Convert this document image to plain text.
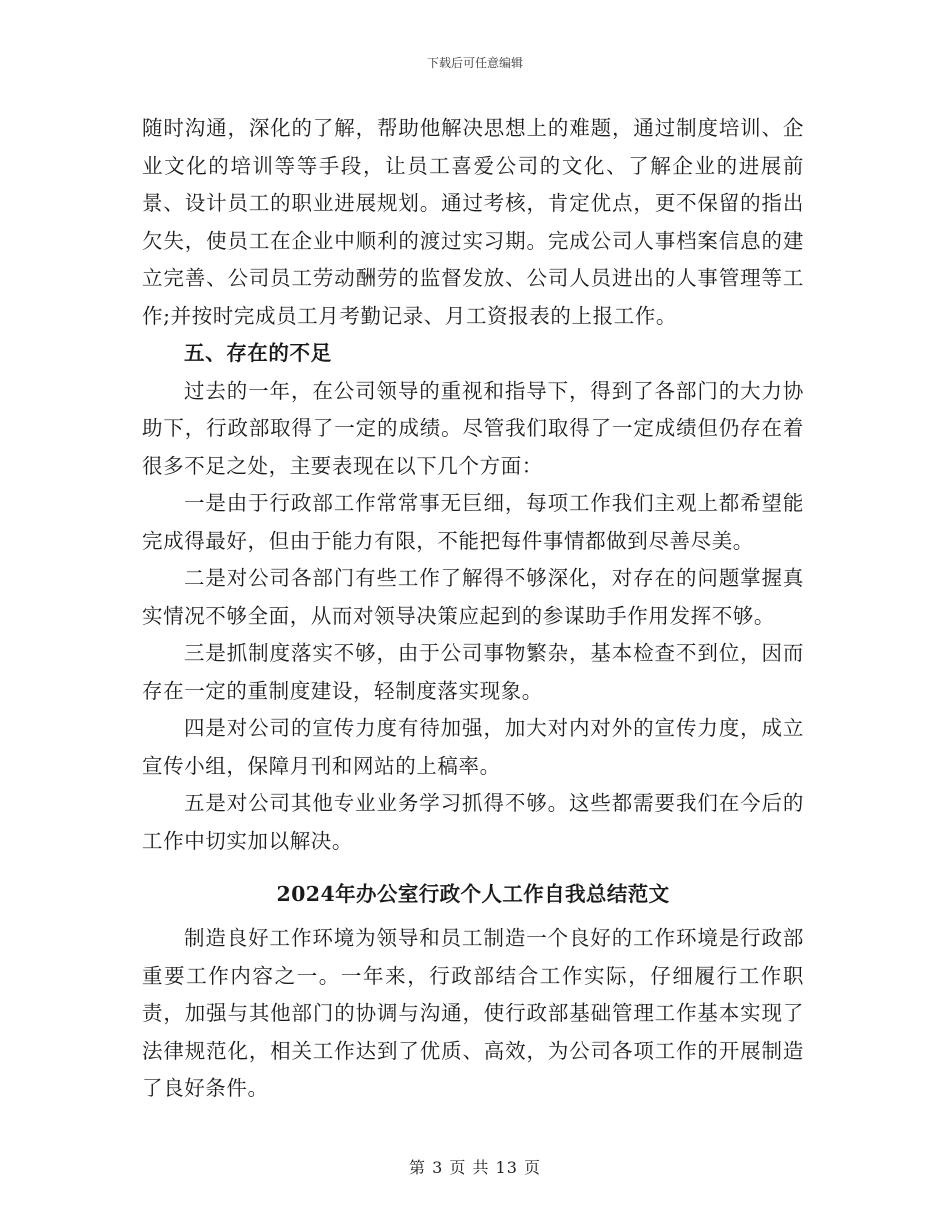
下载后可任意编辑

随时沟通，深化的了解，帮助他解决思想上的难题，通过制度培训、企业文化的培训等等手段，让员工喜爱公司的文化、了解企业的进展前景、设计员工的职业进展规划。通过考核，肯定优点，更不保留的指出欠失，使员工在企业中顺利的渡过实习期。完成公司人事档案信息的建立完善、公司员工劳动酬劳的监督发放、公司人员进出的人事管理等工作;并按时完成员工月考勤记录、月工资报表的上报工作。

五、存在的不足

过去的一年，在公司领导的重视和指导下，得到了各部门的大力协助下，行政部取得了一定的成绩。尽管我们取得了一定成绩但仍存在着很多不足之处，主要表现在以下几个方面：

一是由于行政部工作常常事无巨细，每项工作我们主观上都希望能完成得最好，但由于能力有限，不能把每件事情都做到尽善尽美。

二是对公司各部门有些工作了解得不够深化，对存在的问题掌握真实情况不够全面，从而对领导决策应起到的参谋助手作用发挥不够。

三是抓制度落实不够，由于公司事物繁杂，基本检查不到位，因而存在一定的重制度建设，轻制度落实现象。

四是对公司的宣传力度有待加强，加大对内对外的宣传力度，成立宣传小组，保障月刊和网站的上稿率。

五是对公司其他专业业务学习抓得不够。这些都需要我们在今后的工作中切实加以解决。

2024年办公室行政个人工作自我总结范文

制造良好工作环境为领导和员工制造一个良好的工作环境是行政部重要工作内容之一。一年来，行政部结合工作实际，仔细履行工作职责，加强与其他部门的协调与沟通，使行政部基础管理工作基本实现了法律规范化，相关工作达到了优质、高效，为公司各项工作的开展制造了良好条件。

第 3 页 共 13 页
